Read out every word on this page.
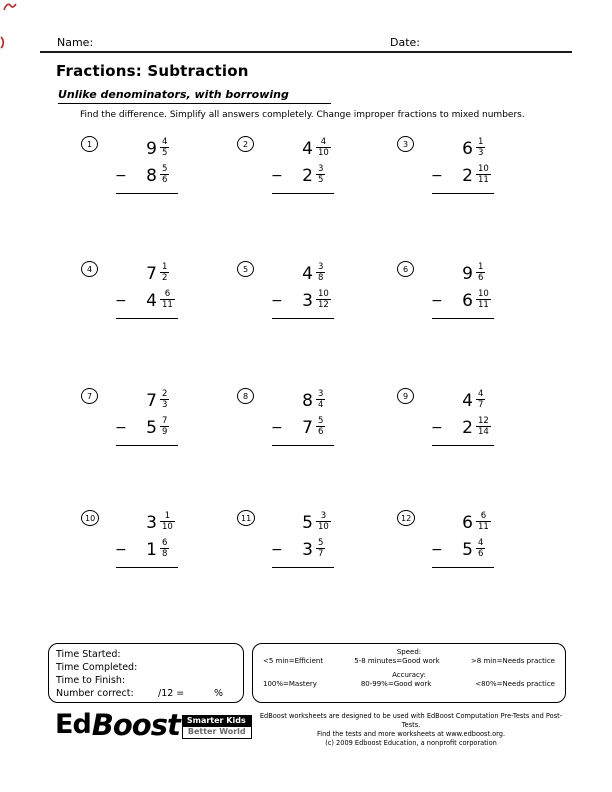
Name:	Date:
Fractions: Subtraction
Unlike denominators, with borrowing
Find the difference. Simplify all answers completely. Change improper fractions to mixed numbers.
1	$9 \frac{4}{5}$
−	$8 \frac{5}{6}$
2	$4 \frac{4}{10}$
−	$2 \frac{3}{5}$
3	$6 \frac{1}{3}$
−	$2 \frac{10}{11}$
4	$7 \frac{1}{2}$
−	$4 \frac{6}{11}$
5	$4 \frac{3}{8}$
−	$3 \frac{10}{12}$
6	$9 \frac{1}{6}$
−	$6 \frac{10}{11}$
7	$7 \frac{2}{3}$
−	$5 \frac{7}{9}$
8	$8 \frac{3}{4}$
−	$7 \frac{5}{6}$
9	$4 \frac{4}{7}$
−	$2 \frac{12}{14}$
10	$3 \frac{1}{10}$
−	$1 \frac{6}{8}$
11	$5 \frac{3}{10}$
−	$3 \frac{5}{7}$
12	$6 \frac{6}{11}$
−	$5 \frac{4}{6}$
Time Started:
Time Completed:
Time to Finish:
Number correct:	/12 =	%
Speed:
<5 min=Efficient	5-8 minutes=Good work	>8 min=Needs practice
Accuracy:
100%=Mastery	80-99%=Good work	<80%=Needs practice
Ed Boost Smarter Kids
Better World
EdBoost worksheets are designed to be used with EdBoost Computation Pre-Tests and Post-Tests.
Find the tests and more worksheets at www.edboost.org.
(c) 2009 Edboost Education, a nonprofit corporation
